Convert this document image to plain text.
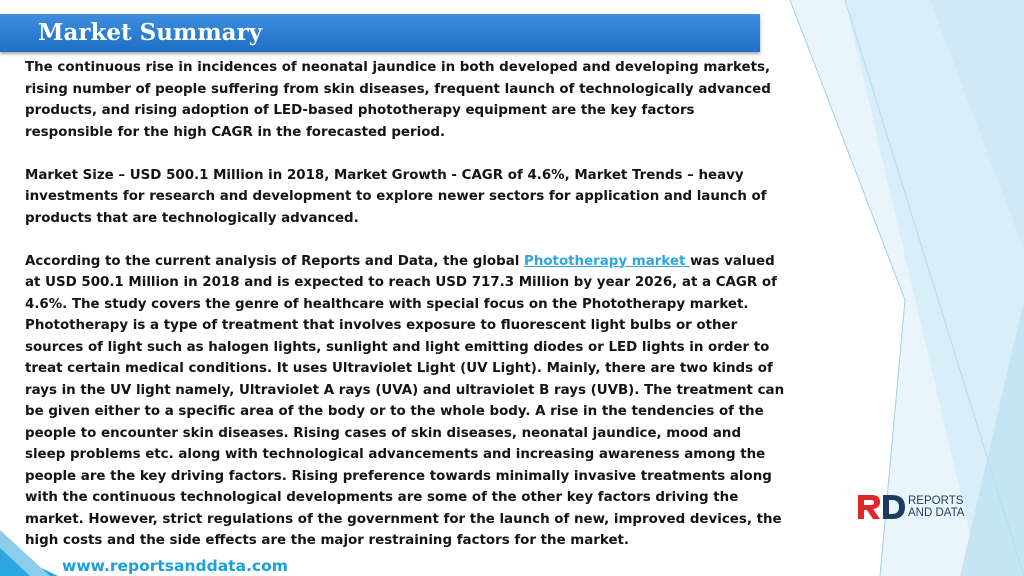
Market Summary

The continuous rise in incidences of neonatal jaundice in both developed and developing markets, rising number of people suffering from skin diseases, frequent launch of technologically advanced products, and rising adoption of LED-based phototherapy equipment are the key factors responsible for the high CAGR in the forecasted period.

Market Size – USD 500.1 Million in 2018, Market Growth - CAGR of 4.6%, Market Trends – heavy investments for research and development to explore newer sectors for application and launch of products that are technologically advanced.

According to the current analysis of Reports and Data, the global Phototherapy market was valued at USD 500.1 Million in 2018 and is expected to reach USD 717.3 Million by year 2026, at a CAGR of 4.6%. The study covers the genre of healthcare with special focus on the Phototherapy market. Phototherapy is a type of treatment that involves exposure to fluorescent light bulbs or other sources of light such as halogen lights, sunlight and light emitting diodes or LED lights in order to treat certain medical conditions. It uses Ultraviolet Light (UV Light). Mainly, there are two kinds of rays in the UV light namely, Ultraviolet A rays (UVA) and ultraviolet B rays (UVB). The treatment can be given either to a specific area of the body or to the whole body. A rise in the tendencies of the people to encounter skin diseases. Rising cases of skin diseases, neonatal jaundice, mood and sleep problems etc. along with technological advancements and increasing awareness among the people are the key driving factors. Rising preference towards minimally invasive treatments along with the continuous technological developments are some of the other key factors driving the market. However, strict regulations of the government for the launch of new, improved devices, the high costs and the side effects are the major restraining factors for the market.

www.reportsanddata.com
REPORTS
AND DATA
